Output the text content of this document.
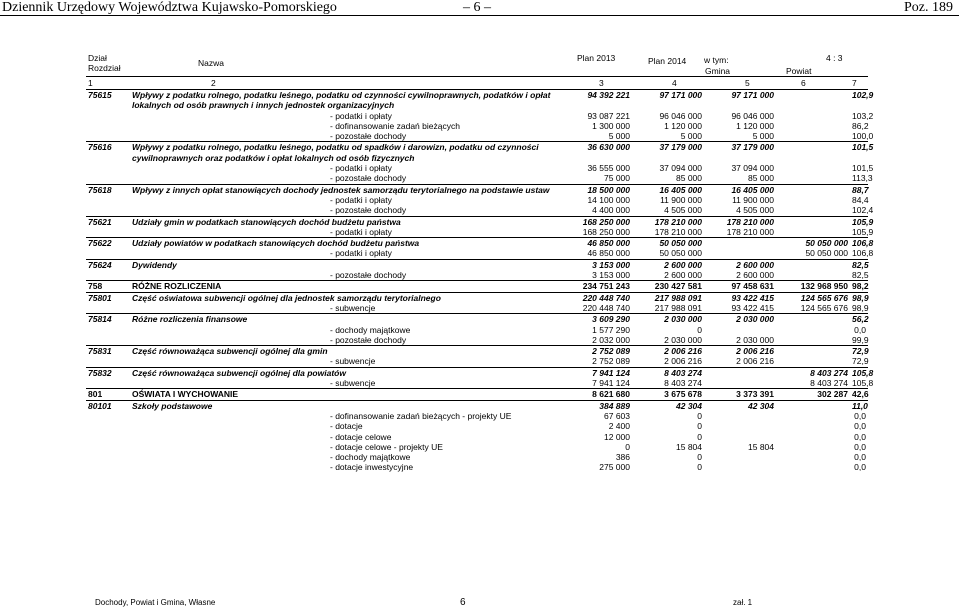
Dziennik Urzędowy Województwa Kujawsko-Pomorskiego	– 6 –	Poz. 189
Dział
Rozdział	Nazwa	Plan 2013	Plan 2014 w tym:	4 : 3
Gmina	Powiat
1	2	3	4	5	6	7
75615	Wpływy z podatku rolnego, podatku leśnego, podatku od czynności cywilnoprawnych, podatków i opłat lokalnych od osób prawnych i innych jednostek organizacyjnych	94 392 221	97 171 000	97 171 000		102,9
	- podatki i opłaty	93 087 221	96 046 000	96 046 000		103,2
	- dofinansowanie zadań bieżących	1 300 000	1 120 000	1 120 000		86,2
	- pozostałe dochody	5 000	5 000	5 000		100,0
75616	Wpływy z podatku rolnego, podatku leśnego, podatku od spadków i darowizn, podatku od czynności cywilnoprawnych oraz podatków i opłat lokalnych od osób fizycznych	36 630 000	37 179 000	37 179 000		101,5
	- podatki i opłaty	36 555 000	37 094 000	37 094 000		101,5
	- pozostałe dochody	75 000	85 000	85 000		113,3
75618	Wpływy z innych opłat stanowiących dochody jednostek samorządu terytorialnego na podstawie ustaw	18 500 000	16 405 000	16 405 000		88,7
	- podatki i opłaty	14 100 000	11 900 000	11 900 000		84,4
	- pozostałe dochody	4 400 000	4 505 000	4 505 000		102,4
75621	Udziały gmin w podatkach stanowiących dochód budżetu państwa	168 250 000	178 210 000	178 210 000		105,9
	- podatki i opłaty	168 250 000	178 210 000	178 210 000		105,9
75622	Udziały powiatów w podatkach stanowiących dochód budżetu państwa	46 850 000	50 050 000		50 050 000	106,8
	- podatki i opłaty	46 850 000	50 050 000		50 050 000	106,8
75624	Dywidendy	3 153 000	2 600 000	2 600 000		82,5
	- pozostałe dochody	3 153 000	2 600 000	2 600 000		82,5
758	RÓŻNE ROZLICZENIA	234 751 243	230 427 581	97 458 631	132 968 950	98,2
75801	Część oświatowa subwencji ogólnej dla jednostek samorządu terytorialnego	220 448 740	217 988 091	93 422 415	124 565 676	98,9
	- subwencje	220 448 740	217 988 091	93 422 415	124 565 676	98,9
75814	Różne rozliczenia finansowe	3 609 290	2 030 000	2 030 000		56,2
	- dochody majątkowe	1 577 290	0			0,0
	- pozostałe dochody	2 032 000	2 030 000	2 030 000		99,9
75831	Część równoważąca subwencji ogólnej dla gmin	2 752 089	2 006 216	2 006 216		72,9
	- subwencje	2 752 089	2 006 216	2 006 216		72,9
75832	Część równoważąca subwencji ogólnej dla powiatów	7 941 124	8 403 274		8 403 274	105,8
	- subwencje	7 941 124	8 403 274		8 403 274	105,8
801	OŚWIATA I WYCHOWANIE	8 621 680	3 675 678	3 373 391	302 287	42,6
80101	Szkoły podstawowe	384 889	42 304	42 304		11,0
	- dofinansowanie zadań bieżących - projekty UE	67 603	0			0,0
	- dotacje	2 400	0			0,0
	- dotacje celowe	12 000	0			0,0
	- dotacje celowe - projekty UE	0	15 804	15 804		0,0
	- dochody majątkowe	386	0			0,0
	- dotacje inwestycyjne	275 000	0			0,0
Dochody, Powiat i Gmina, Własne	6	zał. 1
